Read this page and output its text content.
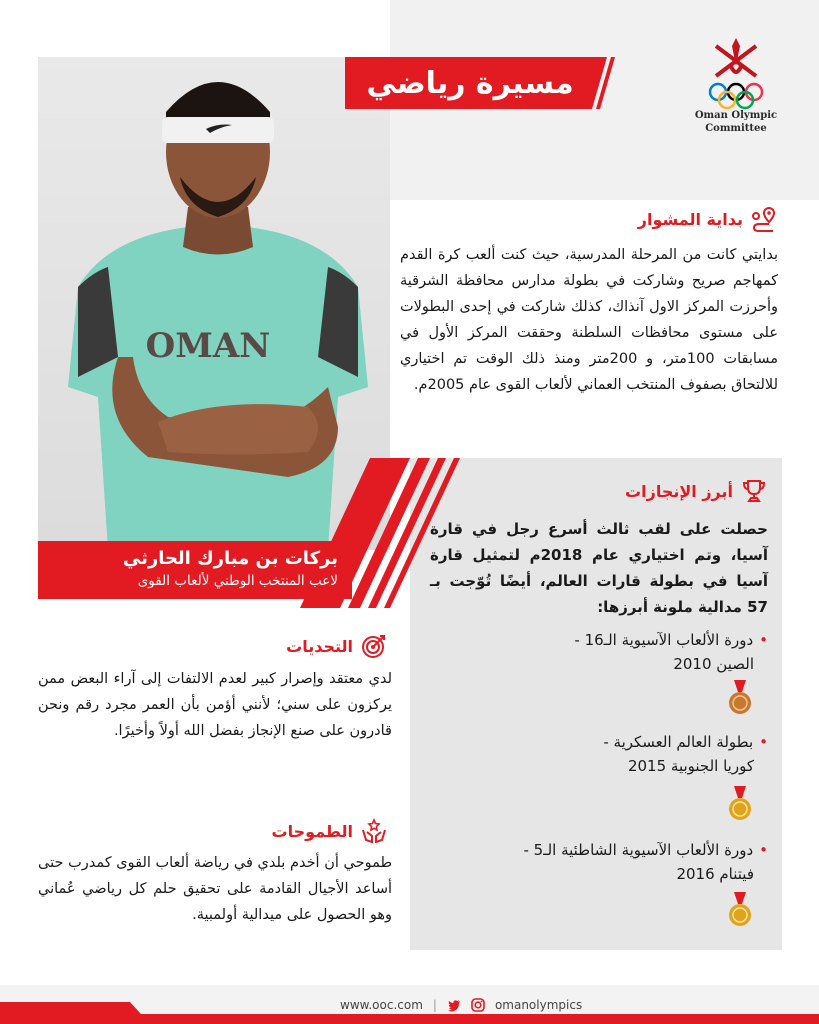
OMAN
مسيرة رياضي
Oman Olympic Committee
بداية المشوار
بدايتي كانت من المرحلة المدرسية، حيث كنت ألعب كرة القدم كمهاجم صريح وشاركت في بطولة مدارس محافظة الشرقية وأحرزت المركز الاول آنذاك، كذلك شاركت في إحدى البطولات على مستوى محافظات السلطنة وحققت المركز الأول في مسابقات 100متر، و 200متر ومنذ ذلك الوقت تم اختياري للالتحاق بصفوف المنتخب العماني لألعاب القوى عام 2005م.
أبرز الإنجازات
حصلت على لقب ثالث أسرع رجل في قارة آسيا، وتم اختياري عام 2018م لتمثيل قارة آسيا في بطولة قارات العالم، أيضًا تُوّجت بـ 57 مدالية ملونة أبرزها:
•دورة الألعاب الآسيوية الـ16 -
الصين 2010
•بطولة العالم العسكرية -
كوريا الجنوبية 2015
•دورة الألعاب الآسيوية الشاطئية الـ5 -
فيتنام 2016
بركات بن مبارك الحارثي
لاعب المنتخب الوطني لألعاب القوى
التحديات
لدي معتقد وإصرار كبير لعدم الالتفات إلى آراء البعض ممن يركزون على سني؛ لأنني أؤمن بأن العمر مجرد رقم ونحن قادرون على صنع الإنجاز بفضل الله أولاً وأخيرًا.
الطموحات
طموحي أن أخدم بلدي في رياضة ألعاب القوى كمدرب حتى أساعد الأجيال القادمة على تحقيق حلم كل رياضي عُماني وهو الحصول على ميدالية أولمبية.
www.ooc.com |	omanolympics
